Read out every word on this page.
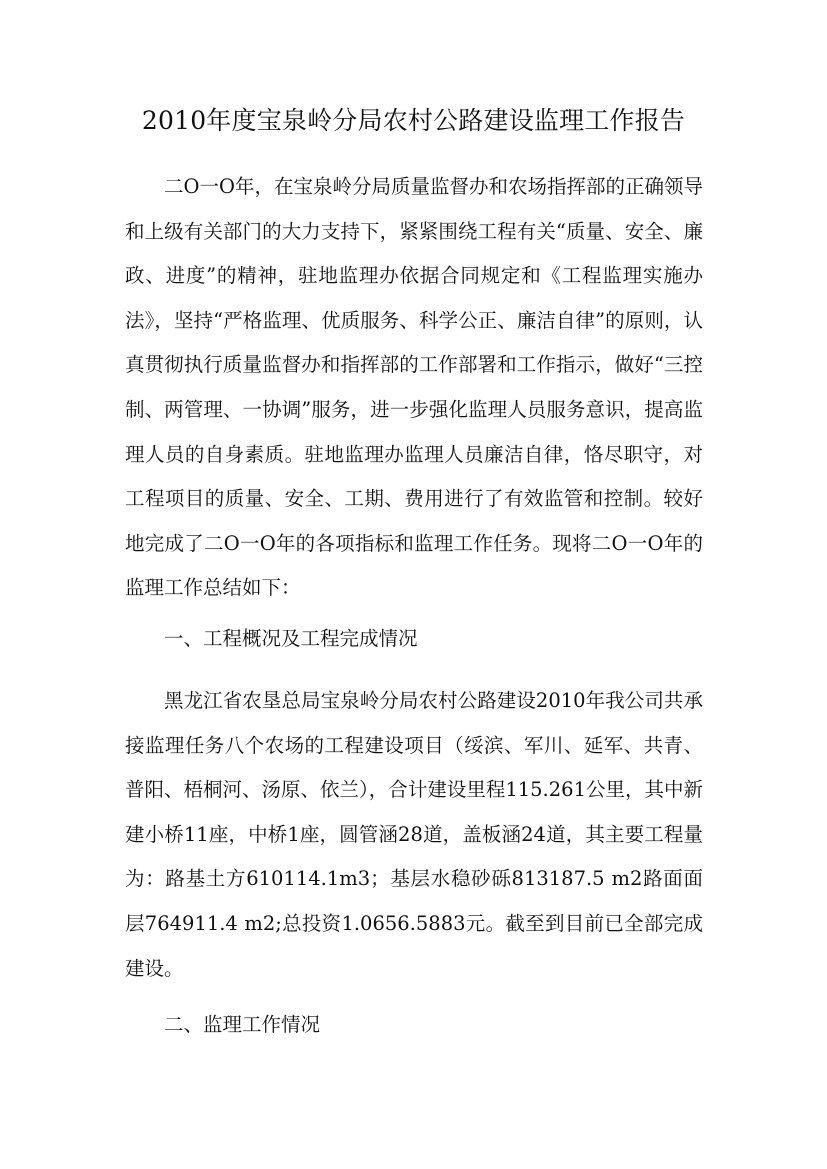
2010年度宝泉岭分局农村公路建设监理工作报告

二O一O年，在宝泉岭分局质量监督办和农场指挥部的正确领导和上级有关部门的大力支持下，紧紧围绕工程有关“质量、安全、廉政、进度”的精神，驻地监理办依据合同规定和《工程监理实施办法》，坚持“严格监理、优质服务、科学公正、廉洁自律”的原则，认真贯彻执行质量监督办和指挥部的工作部署和工作指示，做好“三控制、两管理、一协调”服务，进一步强化监理人员服务意识，提高监理人员的自身素质。驻地监理办监理人员廉洁自律，恪尽职守，对工程项目的质量、安全、工期、费用进行了有效监管和控制。较好地完成了二O一O年的各项指标和监理工作任务。现将二O一O年的监理工作总结如下：

一、工程概况及工程完成情况

黑龙江省农垦总局宝泉岭分局农村公路建设2010年我公司共承接监理任务八个农场的工程建设项目（绥滨、军川、延军、共青、普阳、梧桐河、汤原、依兰），合计建设里程115.261公里，其中新建小桥11座，中桥1座，圆管涵28道，盖板涵24道，其主要工程量为：路基土方610114.1m3；基层水稳砂砾813187.5 m2路面面层764911.4 m2;总投资1.0656.5883元。截至到目前已全部完成建设。

二、监理工作情况
